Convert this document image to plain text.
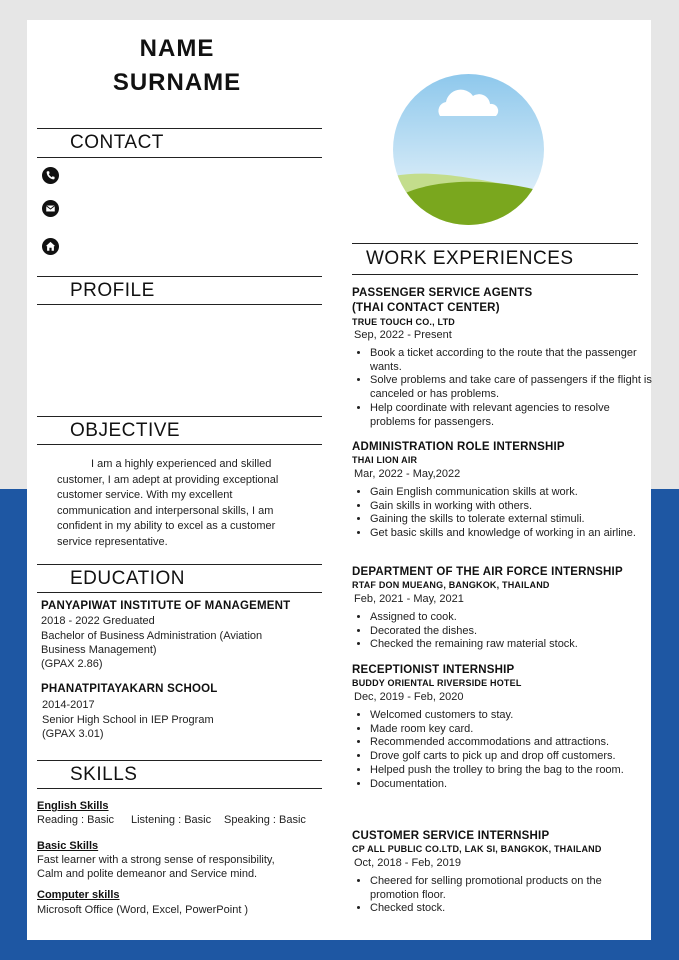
NAME
SURNAME
CONTACT
PROFILE
OBJECTIVE
I am a highly experienced and skilled customer, I am adept at providing exceptional customer service. With my excellent communication and interpersonal skills, I am confident in my ability to excel as a customer service representative.
EDUCATION
PANYAPIWAT INSTITUTE OF MANAGEMENT
2018 - 2022 Greduated
Bachelor of Business Administration (Aviation
Business Management)
(GPAX 2.86)
PHANATPITAYAKARN SCHOOL
2014-2017
Senior High School in IEP Program
(GPAX 3.01)
SKILLS
English Skills
Reading : Basic Listening : Basic Speaking : Basic
Basic Skills
Fast learner with a strong sense of responsibility,
Calm and polite demeanor and Service mind.
Computer skills
Microsoft Office (Word, Excel, PowerPoint )
WORK EXPERIENCES
PASSENGER SERVICE AGENTS
(THAI CONTACT CENTER)
TRUE TOUCH CO., LTD
Sep, 2022 - Present
• Book a ticket according to the route that the passenger wants.
• Solve problems and take care of passengers if the flight is canceled or has problems.
• Help coordinate with relevant agencies to resolve problems for passengers.
ADMINISTRATION ROLE INTERNSHIP
THAI LION AIR
Mar, 2022 - May,2022
• Gain English communication skills at work.
• Gain skills in working with others.
• Gaining the skills to tolerate external stimuli.
• Get basic skills and knowledge of working in an airline.
DEPARTMENT OF THE AIR FORCE INTERNSHIP
RTAF DON MUEANG, BANGKOK, THAILAND
Feb, 2021 - May, 2021
• Assigned to cook.
• Decorated the dishes.
• Checked the remaining raw material stock.
RECEPTIONIST INTERNSHIP
BUDDY ORIENTAL RIVERSIDE HOTEL
Dec, 2019 - Feb, 2020
• Welcomed customers to stay.
• Made room key card.
• Recommended accommodations and attractions.
• Drove golf carts to pick up and drop off customers.
• Helped push the trolley to bring the bag to the room.
• Documentation.
CUSTOMER SERVICE INTERNSHIP
CP ALL PUBLIC CO.LTD, LAK SI, BANGKOK, THAILAND
Oct, 2018 - Feb, 2019
• Cheered for selling promotional products on the promotion floor.
• Checked stock.
